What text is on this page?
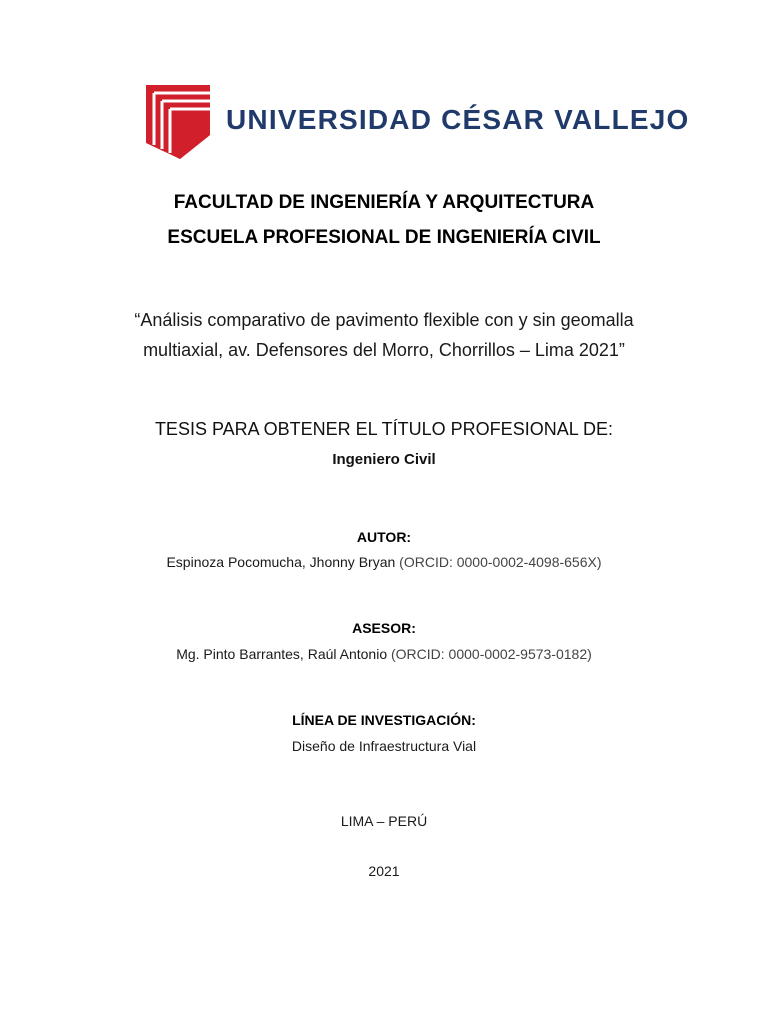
UNIVERSIDAD CÉSAR VALLEJO
FACULTAD DE INGENIERÍA Y ARQUITECTURA
ESCUELA PROFESIONAL DE INGENIERÍA CIVIL
“Análisis comparativo de pavimento flexible con y sin geomalla
multiaxial, av. Defensores del Morro, Chorrillos – Lima 2021”
TESIS PARA OBTENER EL TÍTULO PROFESIONAL DE:
Ingeniero Civil
AUTOR:
Espinoza Pocomucha, Jhonny Bryan (ORCID: 0000-0002-4098-656X)
ASESOR:
Mg. Pinto Barrantes, Raúl Antonio (ORCID: 0000-0002-9573-0182)
LÍNEA DE INVESTIGACIÓN:
Diseño de Infraestructura Vial
LIMA – PERÚ
2021
